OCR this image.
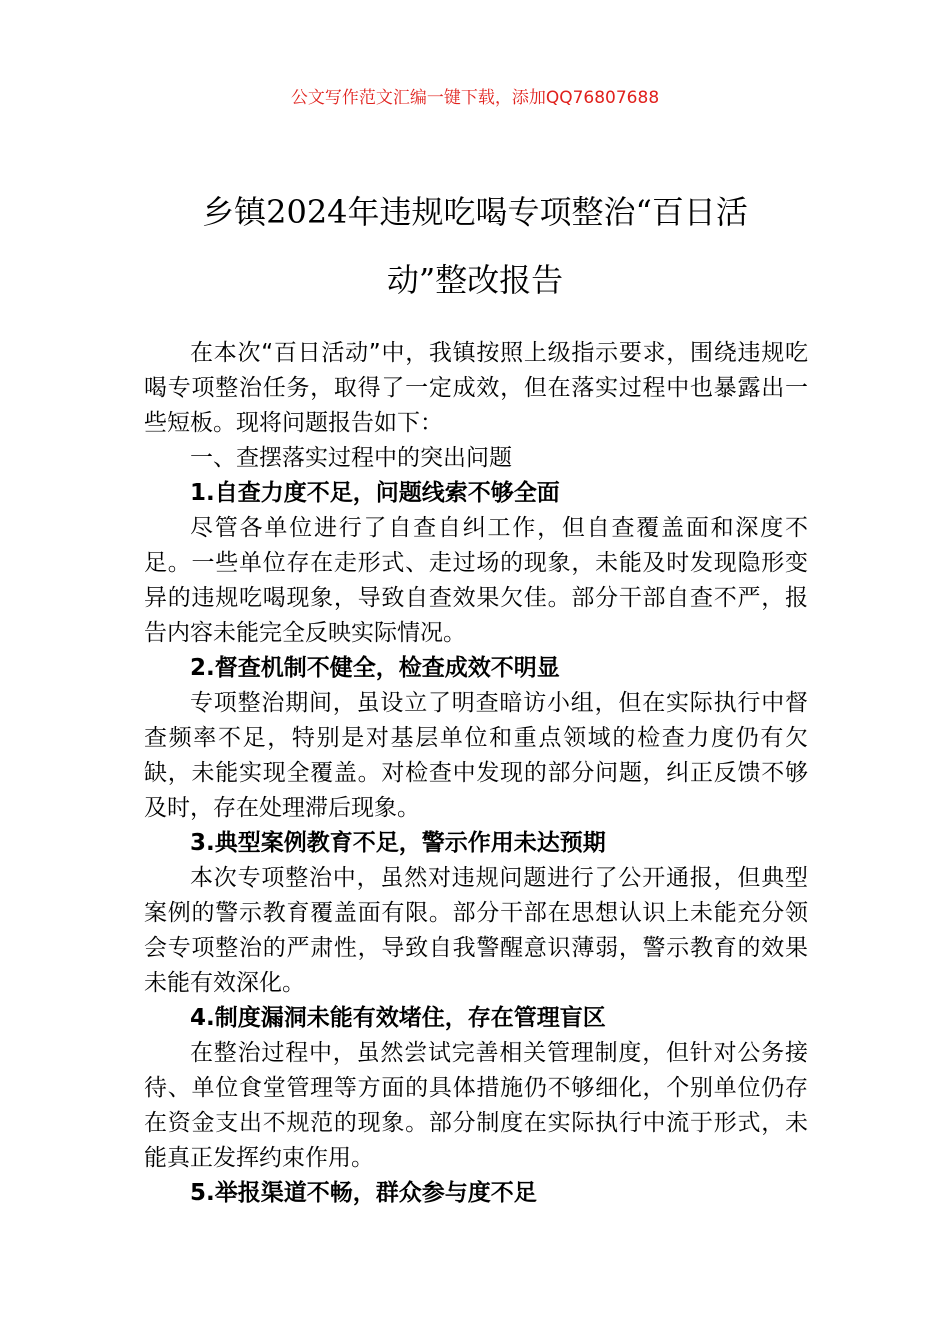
公文写作范文汇编一键下载，添加QQ76807688
乡镇2024年违规吃喝专项整治“百日活
动”整改报告

在本次“百日活动”中，我镇按照上级指示要求，围绕违规吃喝专项整治任务，取得了一定成效，但在落实过程中也暴露出一些短板。现将问题报告如下：

一、查摆落实过程中的突出问题

1.自查力度不足，问题线索不够全面

尽管各单位进行了自查自纠工作，但自查覆盖面和深度不足。一些单位存在走形式、走过场的现象，未能及时发现隐形变异的违规吃喝现象，导致自查效果欠佳。部分干部自查不严，报告内容未能完全反映实际情况。

2.督查机制不健全，检查成效不明显

专项整治期间，虽设立了明查暗访小组，但在实际执行中督查频率不足，特别是对基层单位和重点领域的检查力度仍有欠缺，未能实现全覆盖。对检查中发现的部分问题，纠正反馈不够及时，存在处理滞后现象。

3.典型案例教育不足，警示作用未达预期

本次专项整治中，虽然对违规问题进行了公开通报，但典型案例的警示教育覆盖面有限。部分干部在思想认识上未能充分领会专项整治的严肃性，导致自我警醒意识薄弱，警示教育的效果未能有效深化。

4.制度漏洞未能有效堵住，存在管理盲区

在整治过程中，虽然尝试完善相关管理制度，但针对公务接待、单位食堂管理等方面的具体措施仍不够细化，个别单位仍存在资金支出不规范的现象。部分制度在实际执行中流于形式，未能真正发挥约束作用。

5.举报渠道不畅，群众参与度不足
